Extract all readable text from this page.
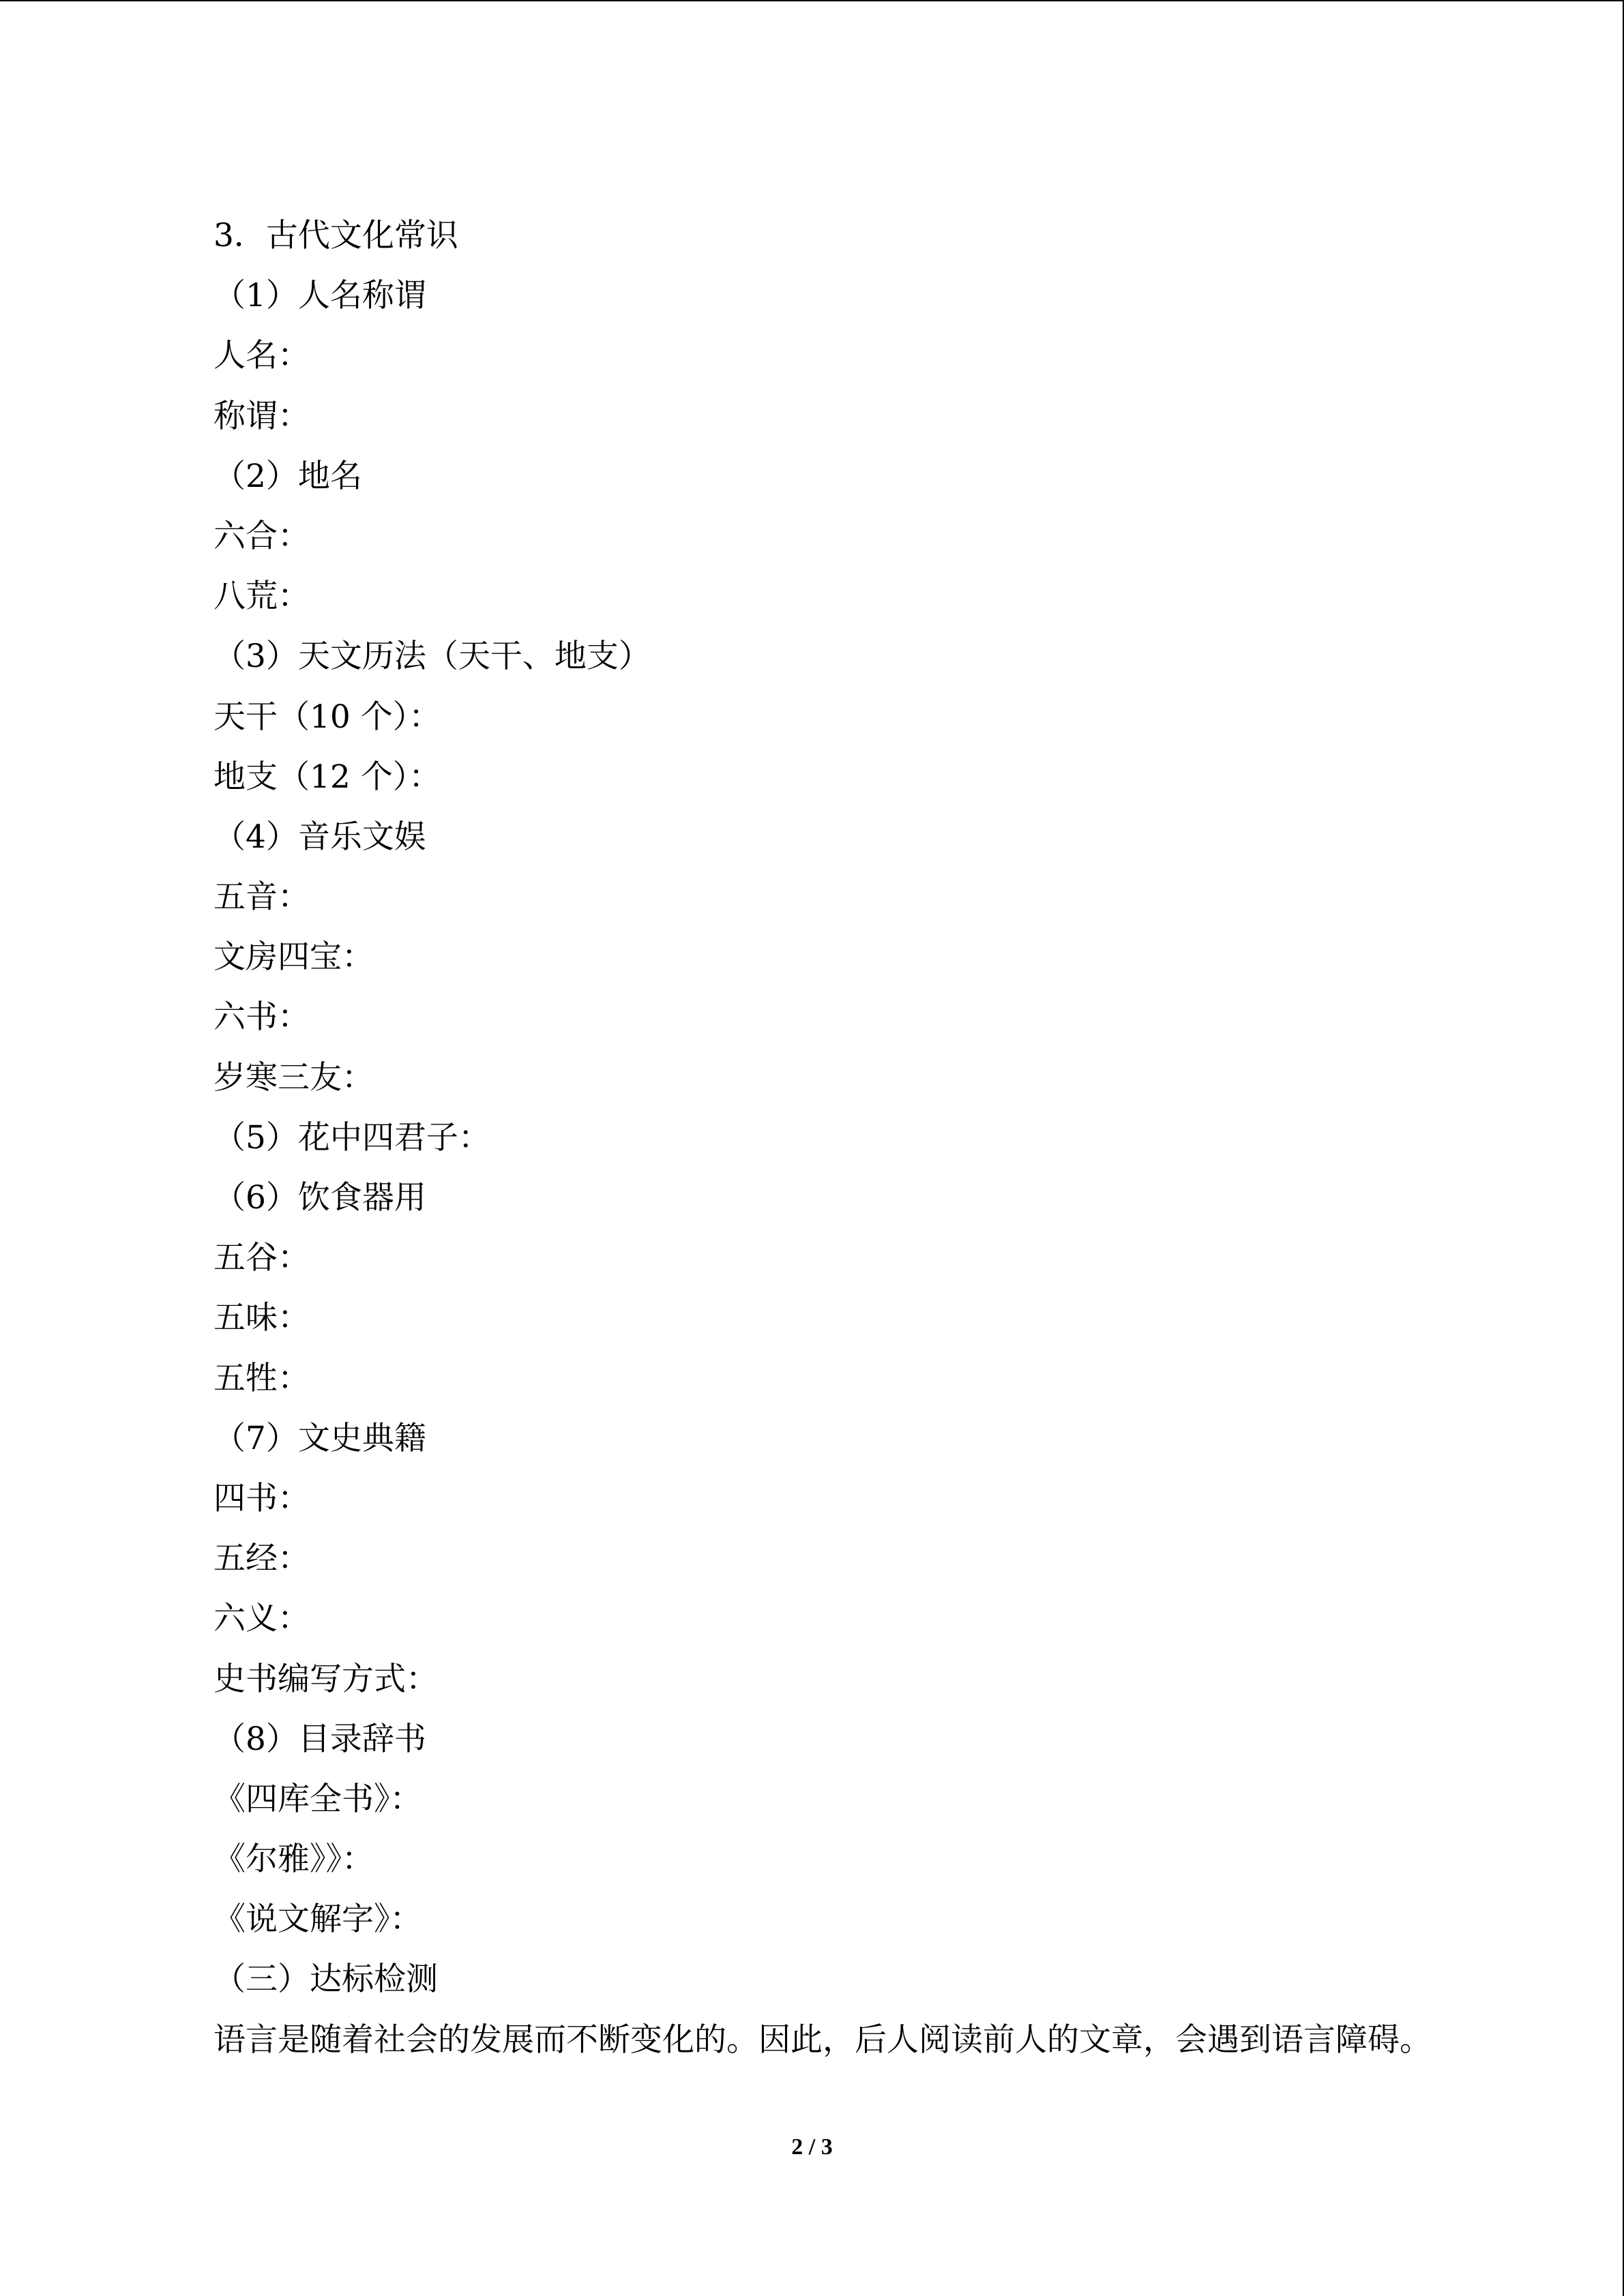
3．古代文化常识
（1）人名称谓
人名：
称谓：
（2）地名
六合：
八荒：
（3）天文历法（天干、地支）
天干（10 个）：
地支（12 个）：
（4）音乐文娱
五音：
文房四宝：
六书：
岁寒三友：
（5）花中四君子：
（6）饮食器用
五谷：
五味：
五牲：
（7）文史典籍
四书：
五经：
六义：
史书编写方式：
（8）目录辞书
《四库全书》：
《尔雅》》：
《说文解字》：
（三）达标检测
语言是随着社会的发展而不断变化的。因此，后人阅读前人的文章，会遇到语言障碍。
2 / 3
